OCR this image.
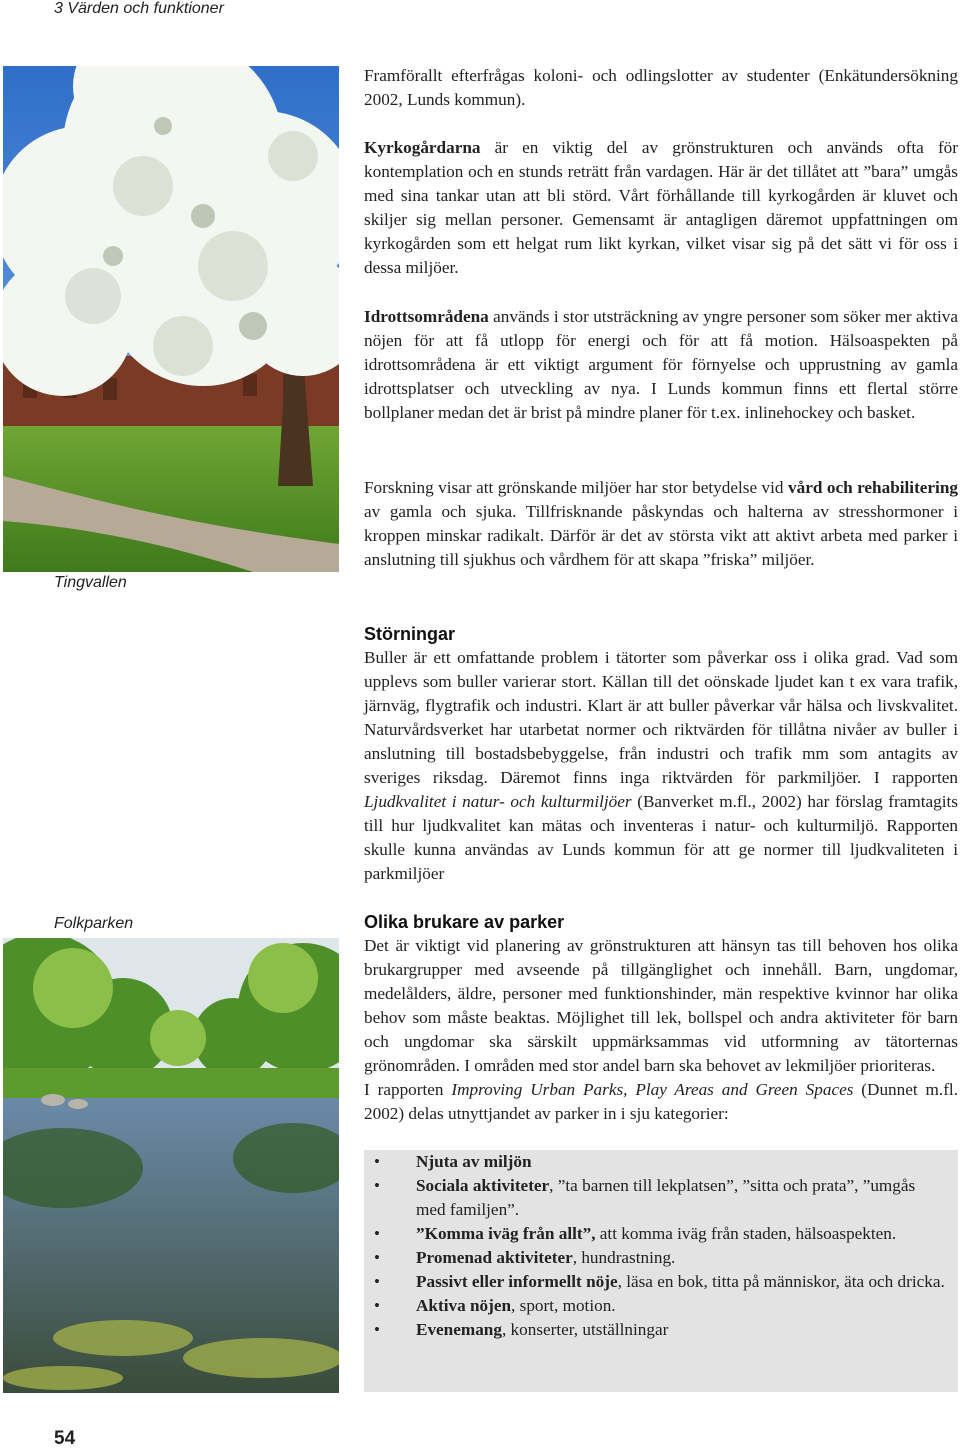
3 Värden och funktioner
Tingvallen
Folkparken

Framförallt efterfrågas koloni- och odlingslotter av studenter (Enkätundersökning 2002, Lunds kommun).

Kyrkogårdarna är en viktig del av grönstrukturen och används ofta för kontemplation och en stunds reträtt från vardagen. Här är det tillåtet att ”bara” umgås med sina tankar utan att bli störd. Vårt förhållande till kyrkogården är kluvet och skiljer sig mellan personer. Gemensamt är antagligen däremot uppfattningen om kyrkogården som ett helgat rum likt kyrkan, vilket visar sig på det sätt vi för oss i dessa miljöer.

Idrottsområdena används i stor utsträckning av yngre personer som söker mer aktiva nöjen för att få utlopp för energi och för att få motion. Hälsoaspekten på idrottsområdena är ett viktigt argument för förnyelse och upprustning av gamla idrottsplatser och utveckling av nya. I Lunds kommun finns ett flertal större bollplaner medan det är brist på mindre planer för t.ex. inlinehockey och basket.

Forskning visar att grönskande miljöer har stor betydelse vid vård och rehabilitering av gamla och sjuka. Tillfrisknande påskyndas och halterna av stresshormoner i kroppen minskar radikalt. Därför är det av största vikt att aktivt arbeta med parker i anslutning till sjukhus och vårdhem för att skapa ”friska” miljöer.

Störningar

Buller är ett omfattande problem i tätorter som påverkar oss i olika grad. Vad som upplevs som buller varierar stort. Källan till det oönskade ljudet kan t ex vara trafik, järnväg, flygtrafik och industri. Klart är att buller påverkar vår hälsa och livskvalitet. Naturvårdsverket har utarbetat normer och riktvärden för tillåtna nivåer av buller i anslutning till bostadsbebyggelse, från industri och trafik mm som antagits av sveriges riksdag. Däremot finns inga riktvärden för parkmiljöer. I rapporten Ljudkvalitet i natur- och kulturmiljöer (Banverket m.fl., 2002) har förslag framtagits till hur ljudkvalitet kan mätas och inventeras i natur- och kulturmiljö. Rapporten skulle kunna användas av Lunds kommun för att ge normer till ljudkvaliteten i parkmiljöer

Olika brukare av parker

Det är viktigt vid planering av grönstrukturen att hänsyn tas till behoven hos olika brukargrupper med avseende på tillgänglighet och innehåll. Barn, ungdomar, medelålders, äldre, personer med funktionshinder, män respektive kvinnor har olika behov som måste beaktas. Möjlighet till lek, bollspel och andra aktiviteter för barn och ungdomar ska särskilt uppmärksammas vid utformning av tätorternas grönområden. I områden med stor andel barn ska behovet av lekmiljöer prioriteras.

I rapporten Improving Urban Parks, Play Areas and Green Spaces (Dunnet m.fl. 2002) delas utnyttjandet av parker in i sju kategorier:

• Njuta av miljön
• Sociala aktiviteter, ”ta barnen till lekplatsen”, ”sitta och prata”, ”umgås med familjen”.
• ”Komma iväg från allt”, att komma iväg från staden, hälsoaspekten.
• Promenad aktiviteter, hundrastning.
• Passivt eller informellt nöje, läsa en bok, titta på människor, äta och dricka.
• Aktiva nöjen, sport, motion.
• Evenemang, konserter, utställningar
54
